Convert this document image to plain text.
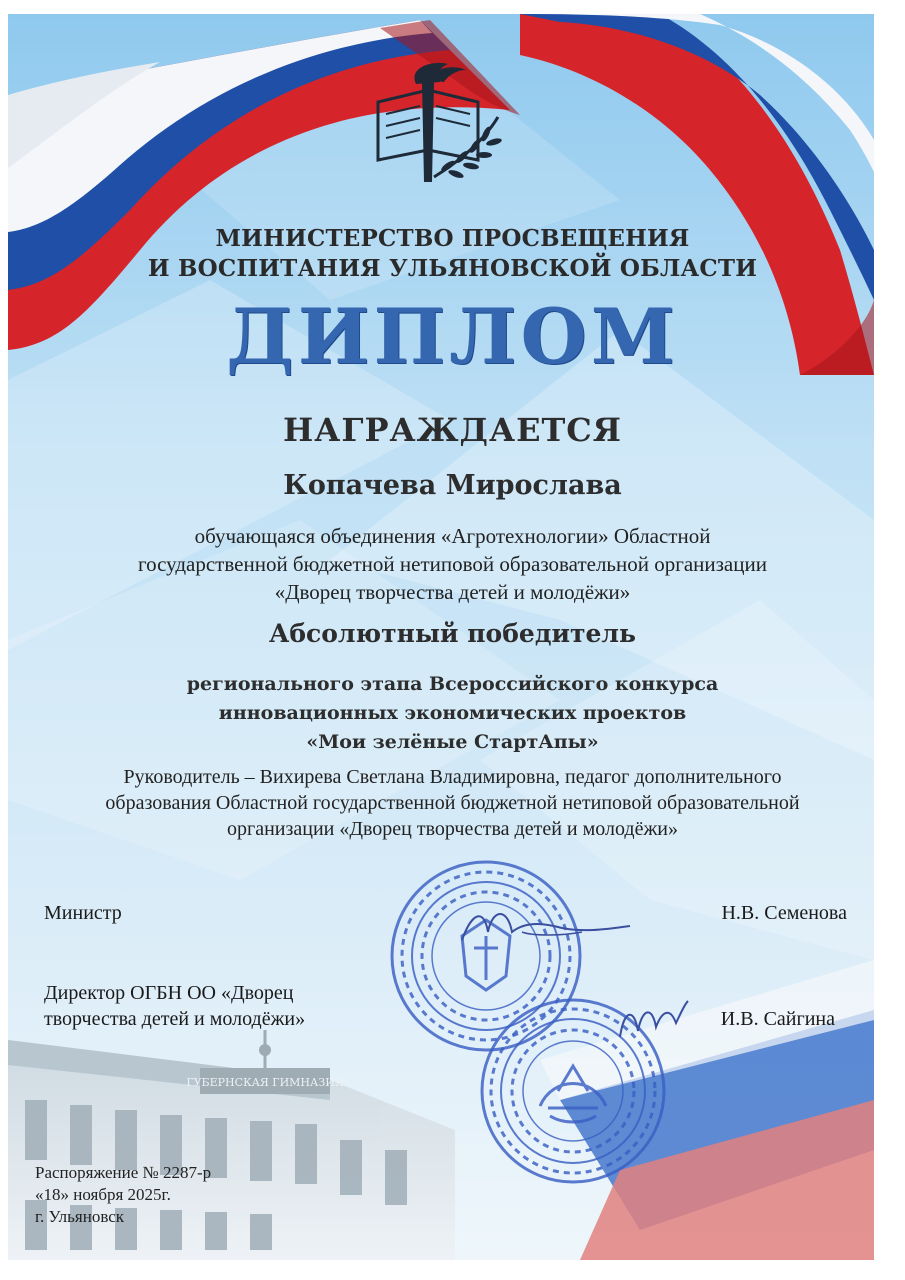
ГУБЕРНСКАЯ ГИМНАЗИЯ

МИНИСТЕРСТВО ПРОСВЕЩЕНИЯ
И ВОСПИТАНИЯ УЛЬЯНОВСКОЙ ОБЛАСТИ

ДИПЛОМ

НАГРАЖДАЕТСЯ

Копачева Мирослава

обучающаяся объединения «Агротехнологии» Областной
государственной бюджетной нетиповой образовательной организации
«Дворец творчества детей и молодёжи»

Абсолютный победитель

регионального этапа Всероссийского конкурса
инновационных экономических проектов
«Мои зелёные СтартАпы»

Руководитель – Вихирева Светлана Владимировна, педагог дополнительного
образования Областной государственной бюджетной нетиповой образовательной
организации «Дворец творчества детей и молодёжи»

Министр	Н.В. Семенова

Директор ОГБН ОО «Дворец
творчества детей и молодёжи»	И.В. Сайгина

Распоряжение № 2287-р
«18» ноября 2025г.
г. Ульяновск
